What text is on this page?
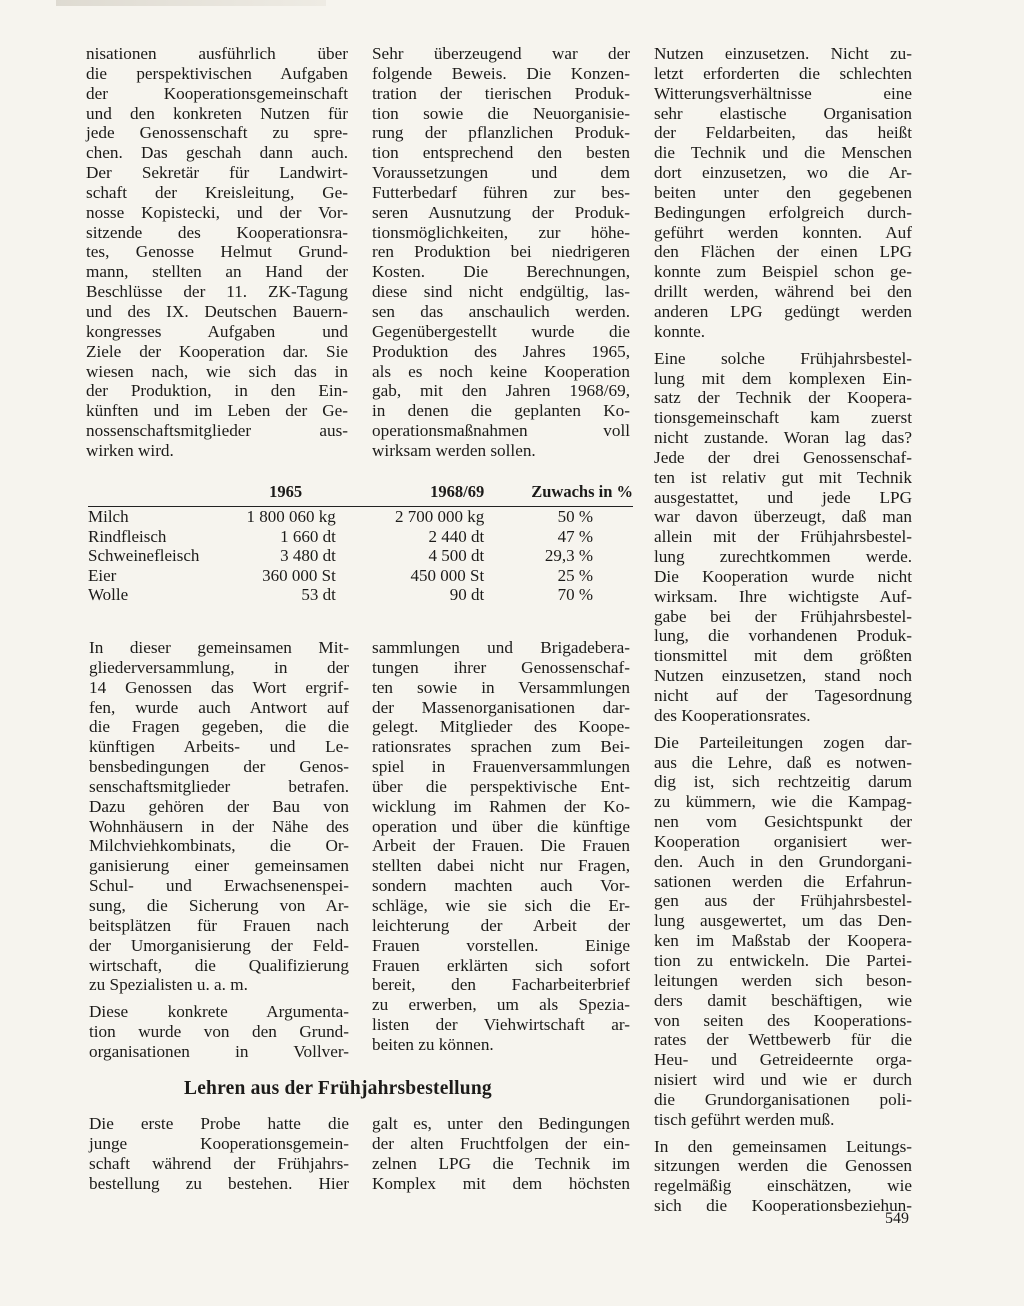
nisationen ausführlich über
die perspektivischen Aufgaben
der Kooperationsgemeinschaft
und den konkreten Nutzen für
jede Genossenschaft zu spre-
chen. Das geschah dann auch.
Der Sekretär für Landwirt-
schaft der Kreisleitung, Ge-
nosse Kopistecki, und der Vor-
sitzende des Kooperationsra-
tes, Genosse Helmut Grund-
mann, stellten an Hand der
Beschlüsse der 11. ZK-Tagung
und des IX. Deutschen Bauern-
kongresses Aufgaben und
Ziele der Kooperation dar. Sie
wiesen nach, wie sich das in
der Produktion, in den Ein-
künften und im Leben der Ge-
nossenschaftsmitglieder aus-
wirken wird.

Sehr überzeugend war der
folgende Beweis. Die Konzen-
tration der tierischen Produk-
tion sowie die Neuorganisie-
rung der pflanzlichen Produk-
tion entsprechend den besten
Voraussetzungen und dem
Futterbedarf führen zur bes-
seren Ausnutzung der Produk-
tionsmöglichkeiten, zur höhe-
ren Produktion bei niedrigeren
Kosten. Die Berechnungen,
diese sind nicht endgültig, las-
sen das anschaulich werden.
Gegenübergestellt wurde die
Produktion des Jahres 1965,
als es noch keine Kooperation
gab, mit den Jahren 1968/69,
in denen die geplanten Ko-
operationsmaßnahmen voll
wirksam werden sollen.

	1965	1968/69	Zuwachs in %
Milch	1 800 060 kg	2 700 000 kg	50 %
Rindfleisch	1 660 dt	2 440 dt	47 %
Schweinefleisch	3 480 dt	4 500 dt	29,3 %
Eier	360 000 St	450 000 St	25 %
Wolle	53 dt	90 dt	70 %

In dieser gemeinsamen Mit-
gliederversammlung, in der
14 Genossen das Wort ergrif-
fen, wurde auch Antwort auf
die Fragen gegeben, die die
künftigen Arbeits- und Le-
bensbedingungen der Genos-
senschaftsmitglieder betrafen.
Dazu gehören der Bau von
Wohnhäusern in der Nähe des
Milchviehkombinats, die Or-
ganisierung einer gemeinsamen
Schul- und Erwachsenenspei-
sung, die Sicherung von Ar-
beitsplätzen für Frauen nach
der Umorganisierung der Feld-
wirtschaft, die Qualifizierung
zu Spezialisten u. a. m.

Diese konkrete Argumenta-
tion wurde von den Grund-
organisationen in Vollver-

sammlungen und Brigadebera-
tungen ihrer Genossenschaf-
ten sowie in Versammlungen
der Massenorganisationen dar-
gelegt. Mitglieder des Koope-
rationsrates sprachen zum Bei-
spiel in Frauenversammlungen
über die perspektivische Ent-
wicklung im Rahmen der Ko-
operation und über die künftige
Arbeit der Frauen. Die Frauen
stellten dabei nicht nur Fragen,
sondern machten auch Vor-
schläge, wie sie sich die Er-
leichterung der Arbeit der
Frauen vorstellen. Einige
Frauen erklärten sich sofort
bereit, den Facharbeiterbrief
zu erwerben, um als Spezia-
listen der Viehwirtschaft ar-
beiten zu können.

Lehren aus der Frühjahrsbestellung

Die erste Probe hatte die
junge Kooperationsgemein-
schaft während der Frühjahrs-
bestellung zu bestehen. Hier

galt es, unter den Bedingungen
der alten Fruchtfolgen der ein-
zelnen LPG die Technik im
Komplex mit dem höchsten

Nutzen einzusetzen. Nicht zu-
letzt erforderten die schlechten
Witterungsverhältnisse eine
sehr elastische Organisation
der Feldarbeiten, das heißt
die Technik und die Menschen
dort einzusetzen, wo die Ar-
beiten unter den gegebenen
Bedingungen erfolgreich durch-
geführt werden konnten. Auf
den Flächen der einen LPG
konnte zum Beispiel schon ge-
drillt werden, während bei den
anderen LPG gedüngt werden
konnte.

Eine solche Frühjahrsbestel-
lung mit dem komplexen Ein-
satz der Technik der Koopera-
tionsgemeinschaft kam zuerst
nicht zustande. Woran lag das?
Jede der drei Genossenschaf-
ten ist relativ gut mit Technik
ausgestattet, und jede LPG
war davon überzeugt, daß man
allein mit der Frühjahrsbestel-
lung zurechtkommen werde.
Die Kooperation wurde nicht
wirksam. Ihre wichtigste Auf-
gabe bei der Frühjahrsbestel-
lung, die vorhandenen Produk-
tionsmittel mit dem größten
Nutzen einzusetzen, stand noch
nicht auf der Tagesordnung
des Kooperationsrates.

Die Parteileitungen zogen dar-
aus die Lehre, daß es notwen-
dig ist, sich rechtzeitig darum
zu kümmern, wie die Kampag-
nen vom Gesichtspunkt der
Kooperation organisiert wer-
den. Auch in den Grundorgani-
sationen werden die Erfahrun-
gen aus der Frühjahrsbestel-
lung ausgewertet, um das Den-
ken im Maßstab der Koopera-
tion zu entwickeln. Die Partei-
leitungen werden sich beson-
ders damit beschäftigen, wie
von seiten des Kooperations-
rates der Wettbewerb für die
Heu- und Getreideernte orga-
nisiert wird und wie er durch
die Grundorganisationen poli-
tisch geführt werden muß.

In den gemeinsamen Leitungs-
sitzungen werden die Genossen
regelmäßig einschätzen, wie
sich die Kooperationsbeziehun-

549
